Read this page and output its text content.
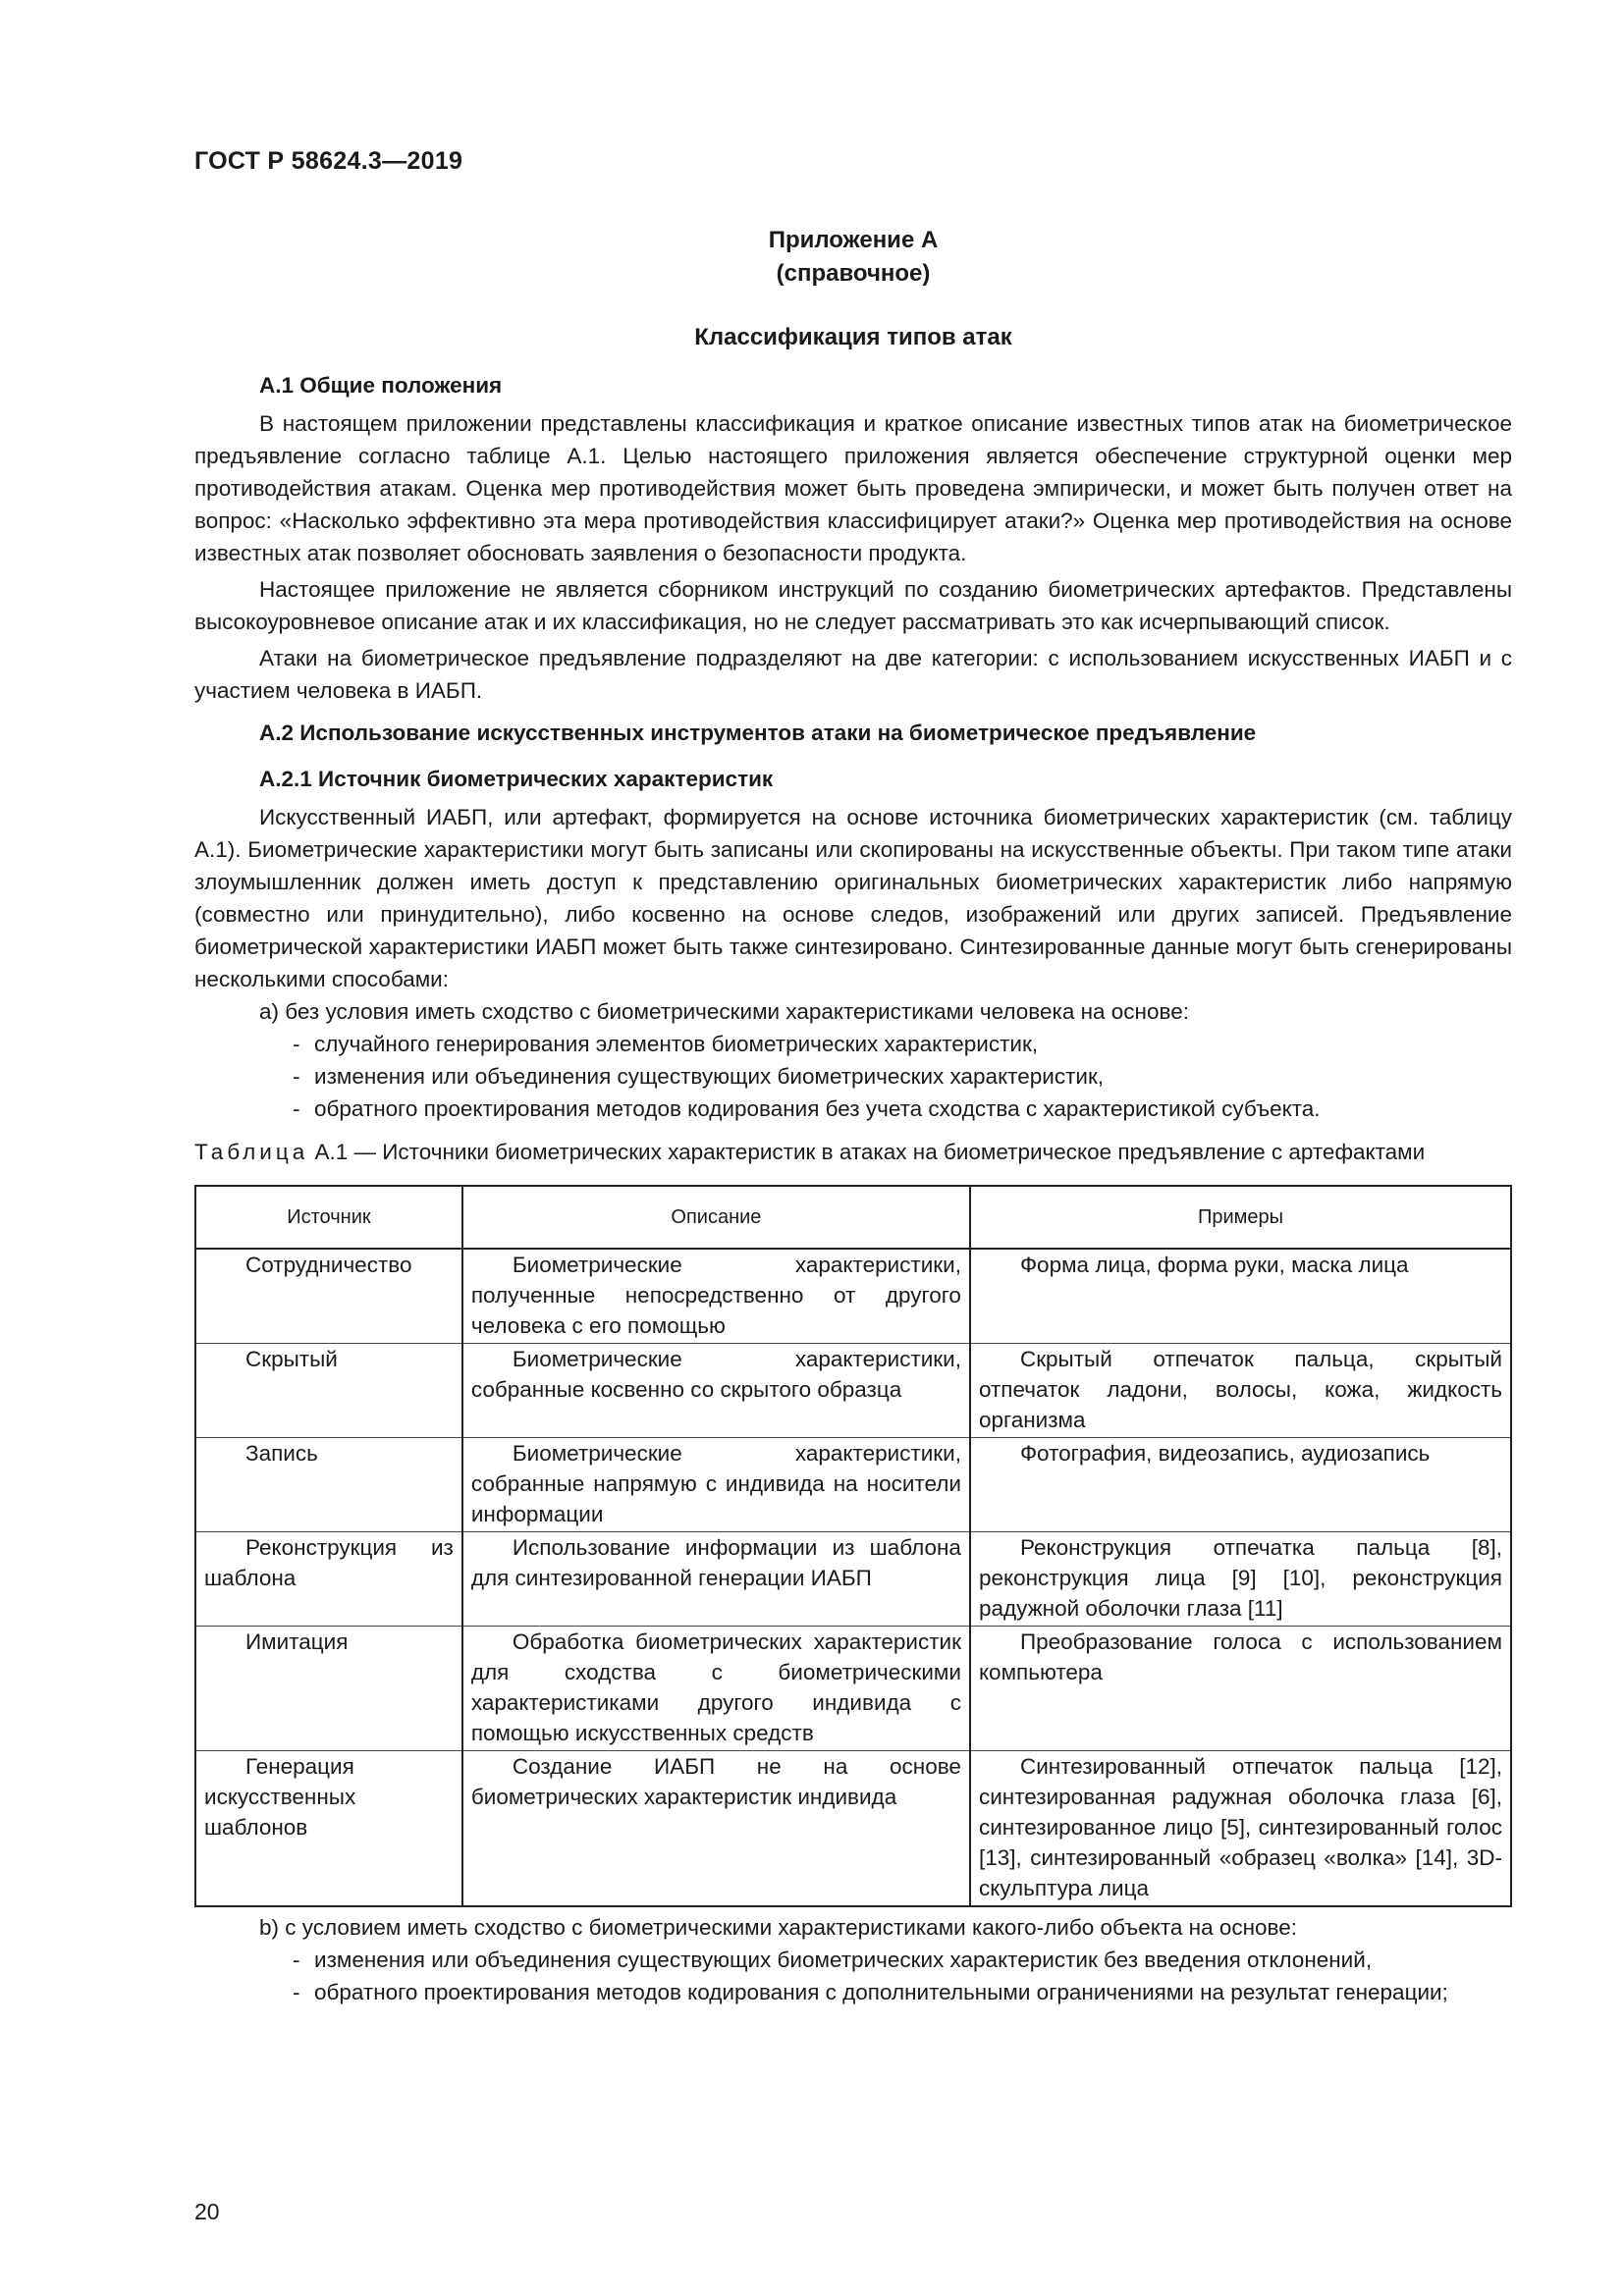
ГОСТ Р 58624.3—2019
Приложение А
(справочное)
Классификация типов атак
А.1 Общие положения

В настоящем приложении представлены классификация и краткое описание известных типов атак на биометрическое предъявление согласно таблице А.1. Целью настоящего приложения является обеспечение структурной оценки мер противодействия атакам. Оценка мер противодействия может быть проведена эмпирически, и может быть получен ответ на вопрос: «Насколько эффективно эта мера противодействия классифицирует атаки?» Оценка мер противодействия на основе известных атак позволяет обосновать заявления о безопасности продукта.

Настоящее приложение не является сборником инструкций по созданию биометрических артефактов. Представлены высокоуровневое описание атак и их классификация, но не следует рассматривать это как исчерпывающий список.

Атаки на биометрическое предъявление подразделяют на две категории: с использованием искусственных ИАБП и с участием человека в ИАБП.

А.2 Использование искусственных инструментов атаки на биометрическое предъявление
А.2.1 Источник биометрических характеристик

Искусственный ИАБП, или артефакт, формируется на основе источника биометрических характеристик (см. таблицу А.1). Биометрические характеристики могут быть записаны или скопированы на искусственные объекты. При таком типе атаки злоумышленник должен иметь доступ к представлению оригинальных биометрических характеристик либо напрямую (совместно или принудительно), либо косвенно на основе следов, изображений или других записей. Предъявление биометрической характеристики ИАБП может быть также синтезировано. Синтезированные данные могут быть сгенерированы несколькими способами:

а) без условия иметь сходство с биометрическими характеристиками человека на основе:
- случайного генерирования элементов биометрических характеристик,
- изменения или объединения существующих биометрических характеристик,
- обратного проектирования методов кодирования без учета сходства с характеристикой субъекта.
Таблица А.1 — Источники биометрических характеристик в атаках на биометрическое предъявление с артефактами
Источник	Описание	Примеры

Сотрудничество	Биометрические характеристики, полученные непосредственно от другого человека с его помощью	Форма лица, форма руки, маска лица

Скрытый	Биометрические характеристики, собранные косвенно со скрытого образца	Скрытый отпечаток пальца, скрытый отпечаток ладони, волосы, кожа, жидкость организма

Запись	Биометрические характеристики, собранные напрямую с индивида на носители информации	Фотография, видеозапись, аудиозапись

Реконструкция из шаблона	Использование информации из шаблона для синтезированной генерации ИАБП	Реконструкция отпечатка пальца [8], реконструкция лица [9] [10], реконструкция радужной оболочки глаза [11]

Имитация	Обработка биометрических характеристик для сходства с биометрическими характеристиками другого индивида с помощью искусственных средств	Преобразование голоса с использованием компьютера

Генерация искусственных шаблонов	Создание ИАБП не на основе биометрических характеристик индивида	Синтезированный отпечаток пальца [12], синтезированная радужная оболочка глаза [6], синтезированное лицо [5], синтезированный голос [13], синтезированный «образец «волка» [14], 3D-скульптура лица
b) с условием иметь сходство с биометрическими характеристиками какого-либо объекта на основе:
- изменения или объединения существующих биометрических характеристик без введения отклонений,
- обратного проектирования методов кодирования с дополнительными ограничениями на результат генерации;
20
